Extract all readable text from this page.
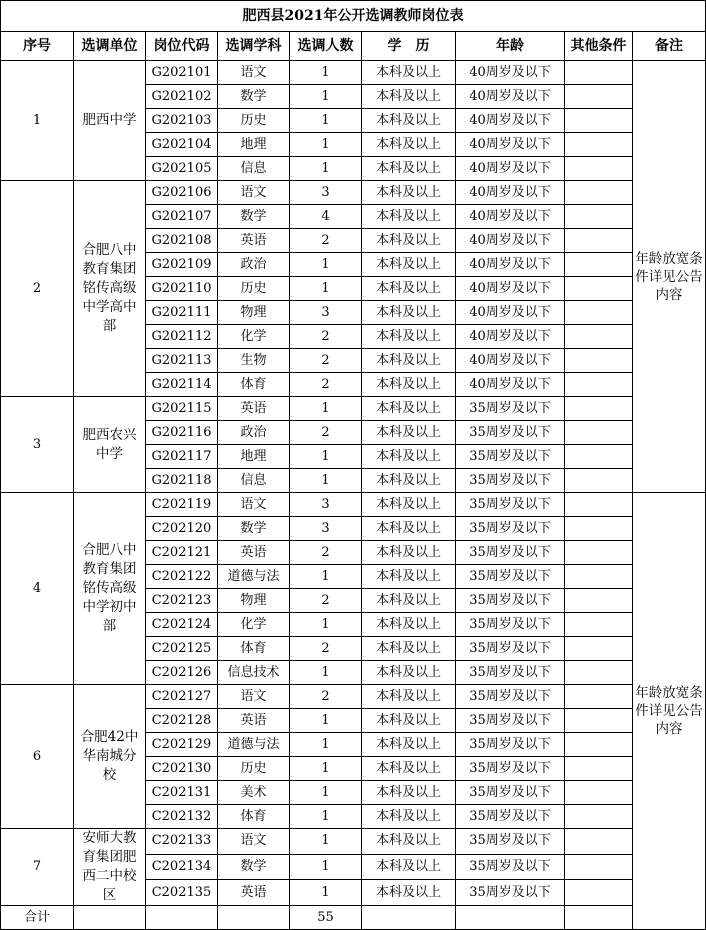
肥西县2021年公开选调教师岗位表								
序号	选调单位	岗位代码	选调学科	选调人数	学　历	年龄	其他条件	备注
1	肥西中学	G202101	语文	1	本科及以上	40周岁及以下		年龄放宽条件详见公告内容
		G202102	数学	1	本科及以上	40周岁及以下		
		G202103	历史	1	本科及以上	40周岁及以下		
		G202104	地理	1	本科及以上	40周岁及以下		
		G202105	信息	1	本科及以上	40周岁及以下		
2	合肥八中教育集团铭传高级中学高中部	G202106	语文	3	本科及以上	40周岁及以下		
		G202107	数学	4	本科及以上	40周岁及以下		
		G202108	英语	2	本科及以上	40周岁及以下		
		G202109	政治	1	本科及以上	40周岁及以下		
		G202110	历史	1	本科及以上	40周岁及以下		
		G202111	物理	3	本科及以上	40周岁及以下		
		G202112	化学	2	本科及以上	40周岁及以下		
		G202113	生物	2	本科及以上	40周岁及以下		
		G202114	体育	2	本科及以上	40周岁及以下		
3	肥西农兴中学	G202115	英语	1	本科及以上	35周岁及以下		
		G202116	政治	2	本科及以上	35周岁及以下		
		G202117	地理	1	本科及以上	35周岁及以下		
		G202118	信息	1	本科及以上	35周岁及以下		
4	合肥八中教育集团铭传高级中学初中部	C202119	语文	3	本科及以上	35周岁及以下		年龄放宽条件详见公告内容
		C202120	数学	3	本科及以上	35周岁及以下		
		C202121	英语	2	本科及以上	35周岁及以下		
		C202122	道德与法	1	本科及以上	35周岁及以下		
		C202123	物理	2	本科及以上	35周岁及以下		
		C202124	化学	1	本科及以上	35周岁及以下		
		C202125	体育	2	本科及以上	35周岁及以下		
		C202126	信息技术	1	本科及以上	35周岁及以下		
6	合肥42中华南城分校	C202127	语文	2	本科及以上	35周岁及以下		
		C202128	英语	1	本科及以上	35周岁及以下		
		C202129	道德与法	1	本科及以上	35周岁及以下		
		C202130	历史	1	本科及以上	35周岁及以下		
		C202131	美术	1	本科及以上	35周岁及以下		
		C202132	体育	1	本科及以上	35周岁及以下		
7	安师大教育集团肥西二中校区	C202133	语文	1	本科及以上	35周岁及以下		
		C202134	数学	1	本科及以上	35周岁及以下		
		C202135	英语	1	本科及以上	35周岁及以下		
合计				55				
